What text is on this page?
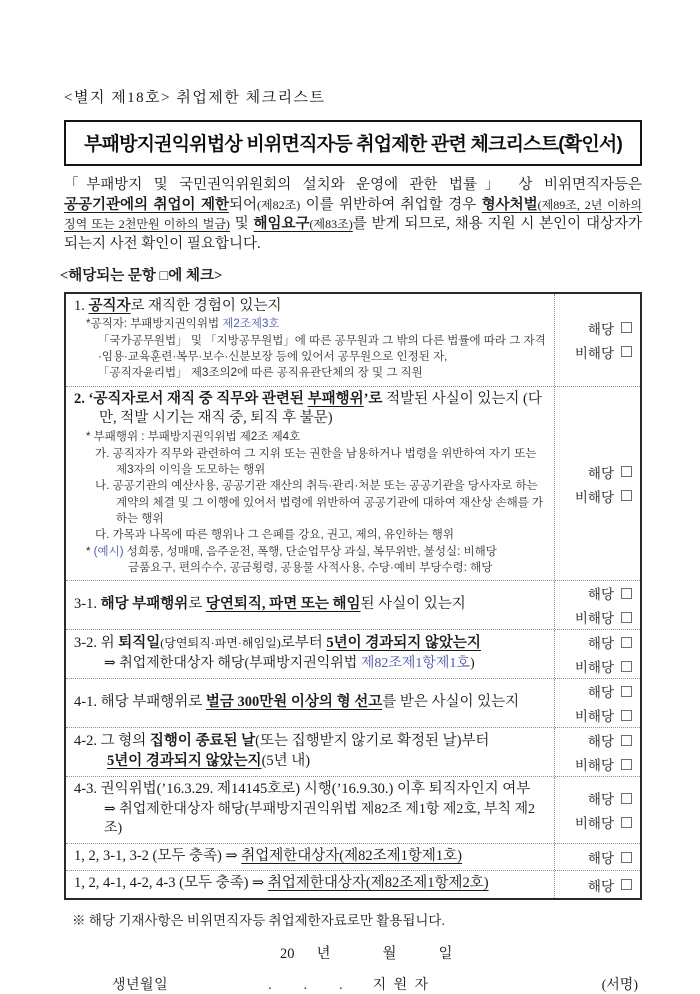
<별지 제18호> 취업제한 체크리스트
부패방지권익위법상 비위면직자등 취업제한 관련 체크리스트(확인서)
「부패방지 및 국민권익위원회의 설치와 운영에 관한 법률」 상 비위면직자등은 공공기관에의 취업이 제한되어(제82조) 이를 위반하여 취업할 경우 형사처벌(제89조, 2년 이하의 징역 또는 2천만원 이하의 벌금) 및 해임요구(제83조)를 받게 되므로, 채용 지원 시 본인이 대상자가 되는지 사전 확인이 필요합니다.
<해당되는 문항 □에 체크>
1. 공직자로 재직한 경험이 있는지
*공직자: 부패방지권익위법 제2조제3호
「국가공무원법」 및 「지방공무원법」에 따른 공무원과 그 밖의 다른 법률에 따라 그 자격·임용·교육훈련·복무·보수·신분보장 등에 있어서 공무원으로 인정된 자,
「공직자윤리법」 제3조의2에 따른 공직유관단체의 장 및 그 직원
해당
비해당
2. ‘공직자로서 재직 중 직무와 관련된 부패행위’로 적발된 사실이 있는지 (다만, 적발 시기는 재직 중, 퇴직 후 불문)
* 부패행위 : 부패방지권익위법 제2조 제4호
가. 공직자가 직무와 관련하여 그 지위 또는 권한을 남용하거나 법령을 위반하여 자기 또는 제3자의 이익을 도모하는 행위
나. 공공기관의 예산사용, 공공기관 재산의 취득·관리·처분 또는 공공기관을 당사자로 하는 계약의 체결 및 그 이행에 있어서 법령에 위반하여 공공기관에 대하여 재산상 손해를 가하는 행위
다. 가목과 나목에 따른 행위나 그 은폐를 강요, 권고, 제의, 유인하는 행위
* (예시) 성희롱, 성매매, 음주운전, 폭행, 단순업무상 과실, 복무위반, 불성실: 비해당
금품요구, 편의수수, 공금횡령, 공용물 사적사용, 수당·예비 부당수령: 해당
해당
비해당
3-1. 해당 부패행위로 당연퇴직, 파면 또는 해임된 사실이 있는지
해당
비해당
3-2. 위 퇴직일(당연퇴직·파면·해임일)로부터 5년이 경과되지 않았는지
⇒ 취업제한대상자 해당(부패방지권익위법 제82조제1항제1호)
해당
비해당
4-1. 해당 부패행위로 벌금 300만원 이상의 형 선고를 받은 사실이 있는지
해당
비해당
4-2. 그 형의 집행이 종료된 날(또는 집행받지 않기로 확정된 날)부터
5년이 경과되지 않았는지(5년 내)
해당
비해당
4-3. 권익위법(’16.3.29. 제14145호로) 시행(’16.9.30.) 이후 퇴직자인지 여부
⇒ 취업제한대상자 해당(부패방지권익위법 제82조 제1항 제2호, 부칙 제2조)
해당
비해당
1, 2, 3-1, 3-2 (모두 충족) ⇒ 취업제한대상자(제82조제1항제1호)	해당
1, 2, 4-1, 4-2, 4-3 (모두 충족) ⇒ 취업제한대상자(제82조제1항제2호)	해당
※ 해당 기재사항은 비위면직자등 취업제한자료로만 활용됩니다.
20 년	월	일
생년월일	. . . 지 원 자	(서명)
